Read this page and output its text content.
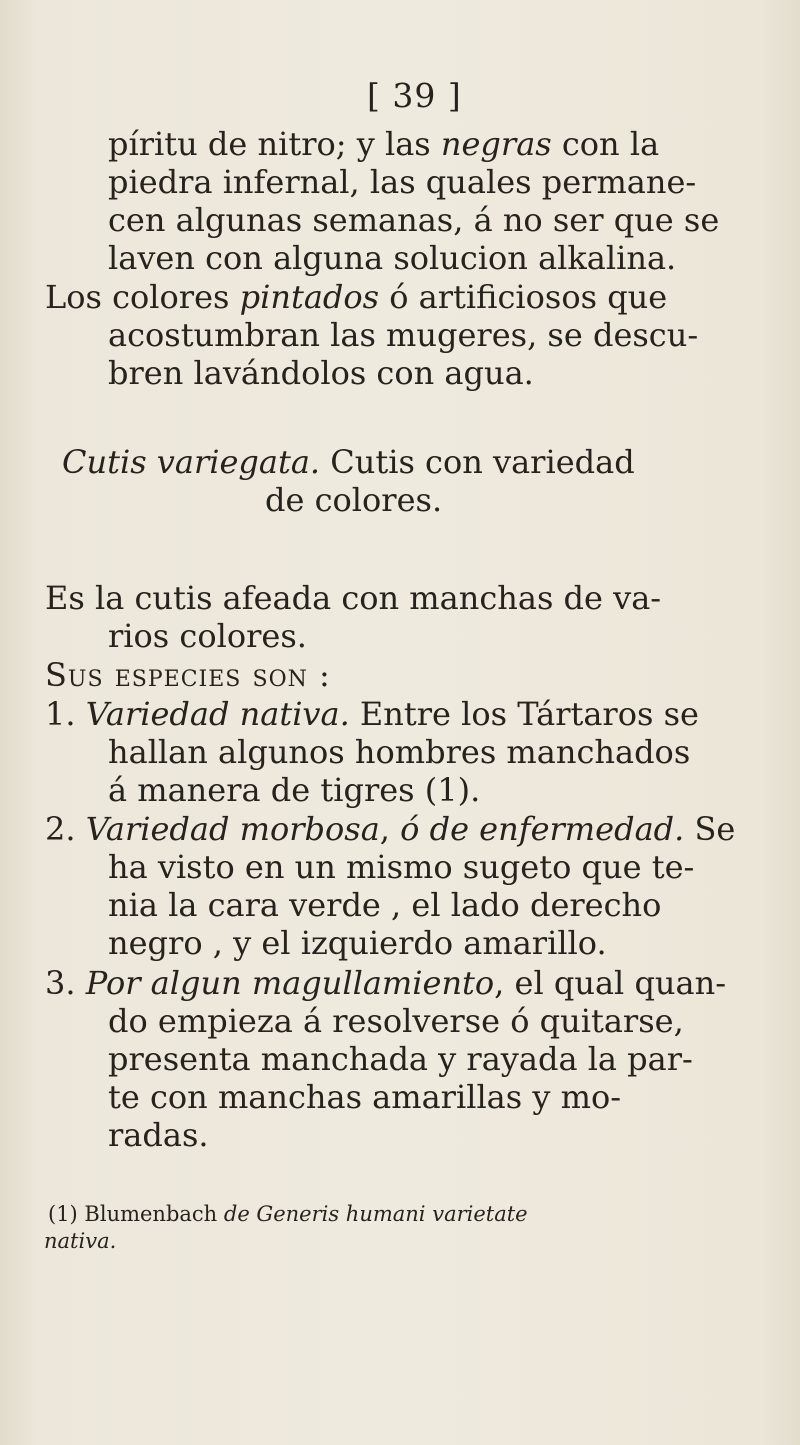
[ 39 ]
píritu de nitro; y las negras con la
piedra infernal, las quales permane-
cen algunas semanas, á no ser que se
laven con alguna solucion alkalina.
Los colores pintados ó artificiosos que
acostumbran las mugeres, se descu-
bren lavándolos con agua.
Cutis variegata. Cutis con variedad
de colores.
Es la cutis afeada con manchas de va-
rios colores.
Sus especies son :
1. Variedad nativa. Entre los Tártaros se
hallan algunos hombres manchados
á manera de tigres (1).
2. Variedad morbosa, ó de enfermedad. Se
ha visto en un mismo sugeto que te-
nia la cara verde , el lado derecho
negro , y el izquierdo amarillo.
3. Por algun magullamiento, el qual quan-
do empieza á resolverse ó quitarse,
presenta manchada y rayada la par-
te con manchas amarillas y mo-
radas.
(1) Blumenbach de Generis humani varietate
nativa.
